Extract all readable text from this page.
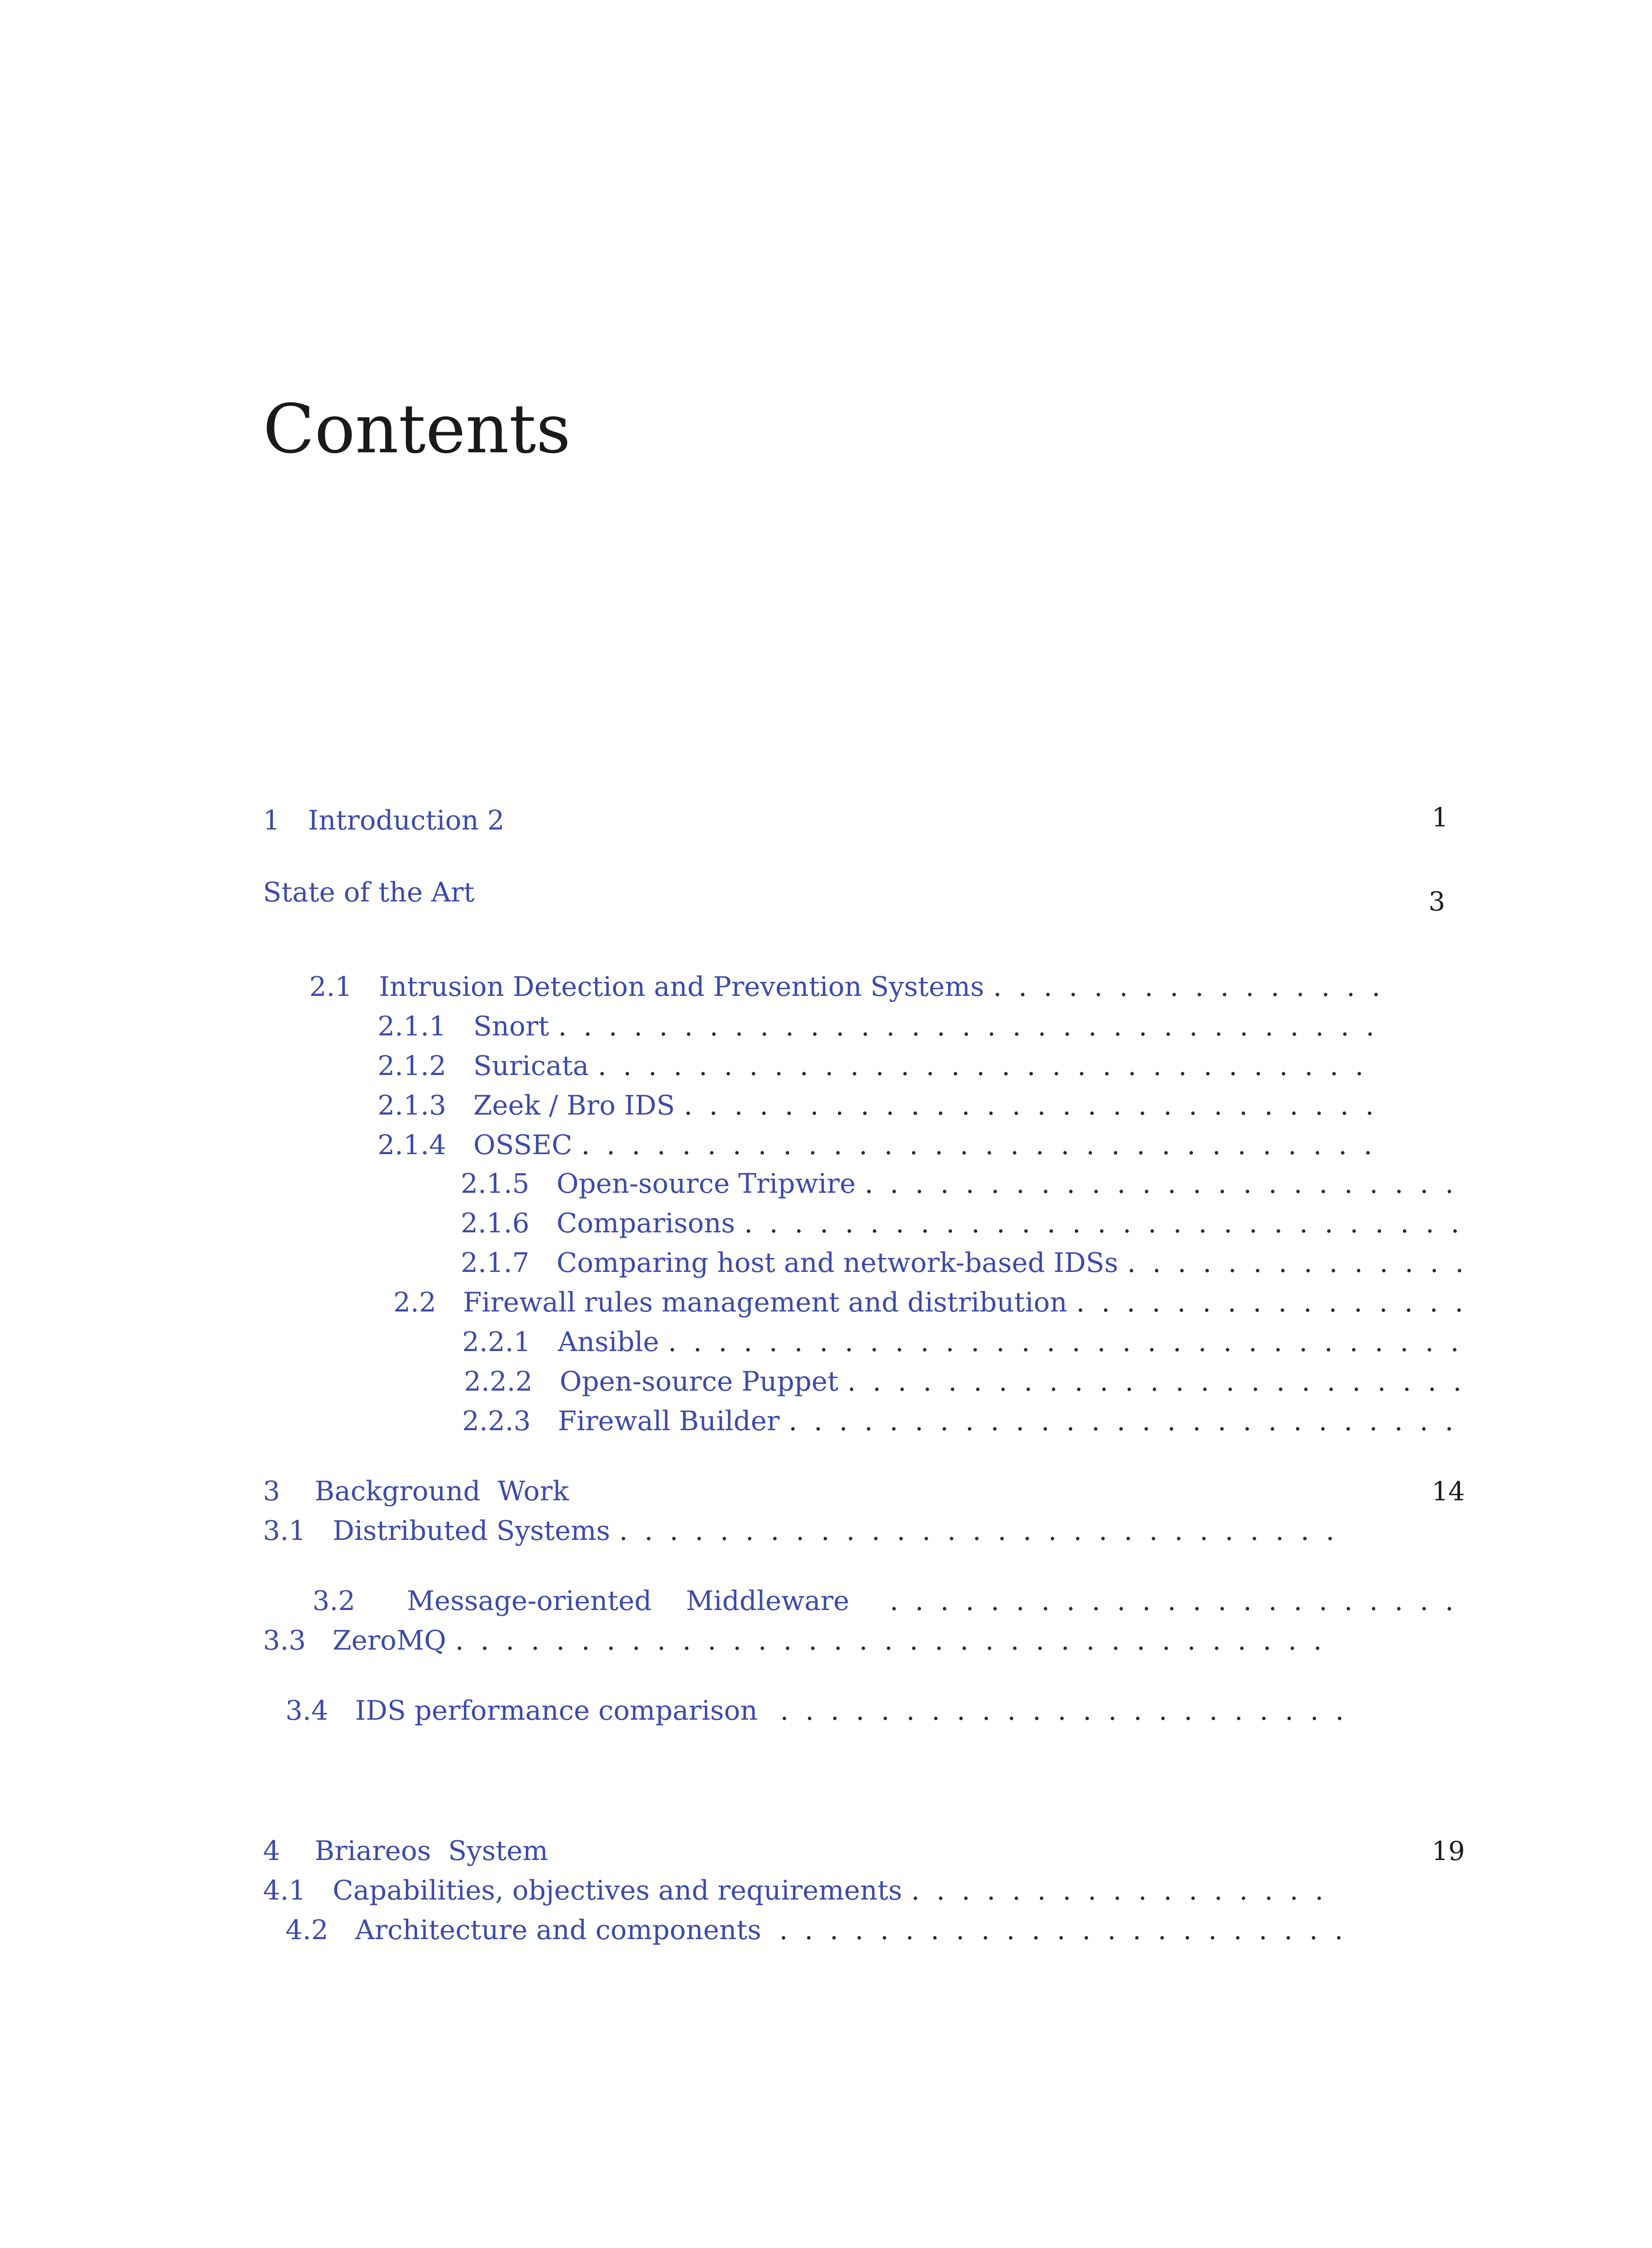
Contents
1	Introduction 2	1
State of the Art	3
2.1 Intrusion Detection and Prevention Systems
. . .
2.1.1	Snort
. . .
2.1.2	Suricata
. . .
2.1.3	Zeek / Bro IDS
. . .
2.1.4	OSSEC
. . .
2.1.5	Open-source Tripwire
. . .
2.1.6	Comparisons
. . .
2.1.7	Comparing host and network-based IDSs
. . .
2.2 Firewall rules management and distribution
. . .
2.2.1	Ansible
. . .
2.2.2	Open-source Puppet
. . .
2.2.3	Firewall Builder
. . .
3	Background  Work	14
3.1 Distributed Systems
. . .
3.2	Message-oriented    Middleware
. . .
3.3 ZeroMQ
. . .
3.4 IDS performance comparison
. . .
4	Briareos  System	19
4.1 Capabilities, objectives and requirements
. . .
4.2 Architecture and components
. . .
